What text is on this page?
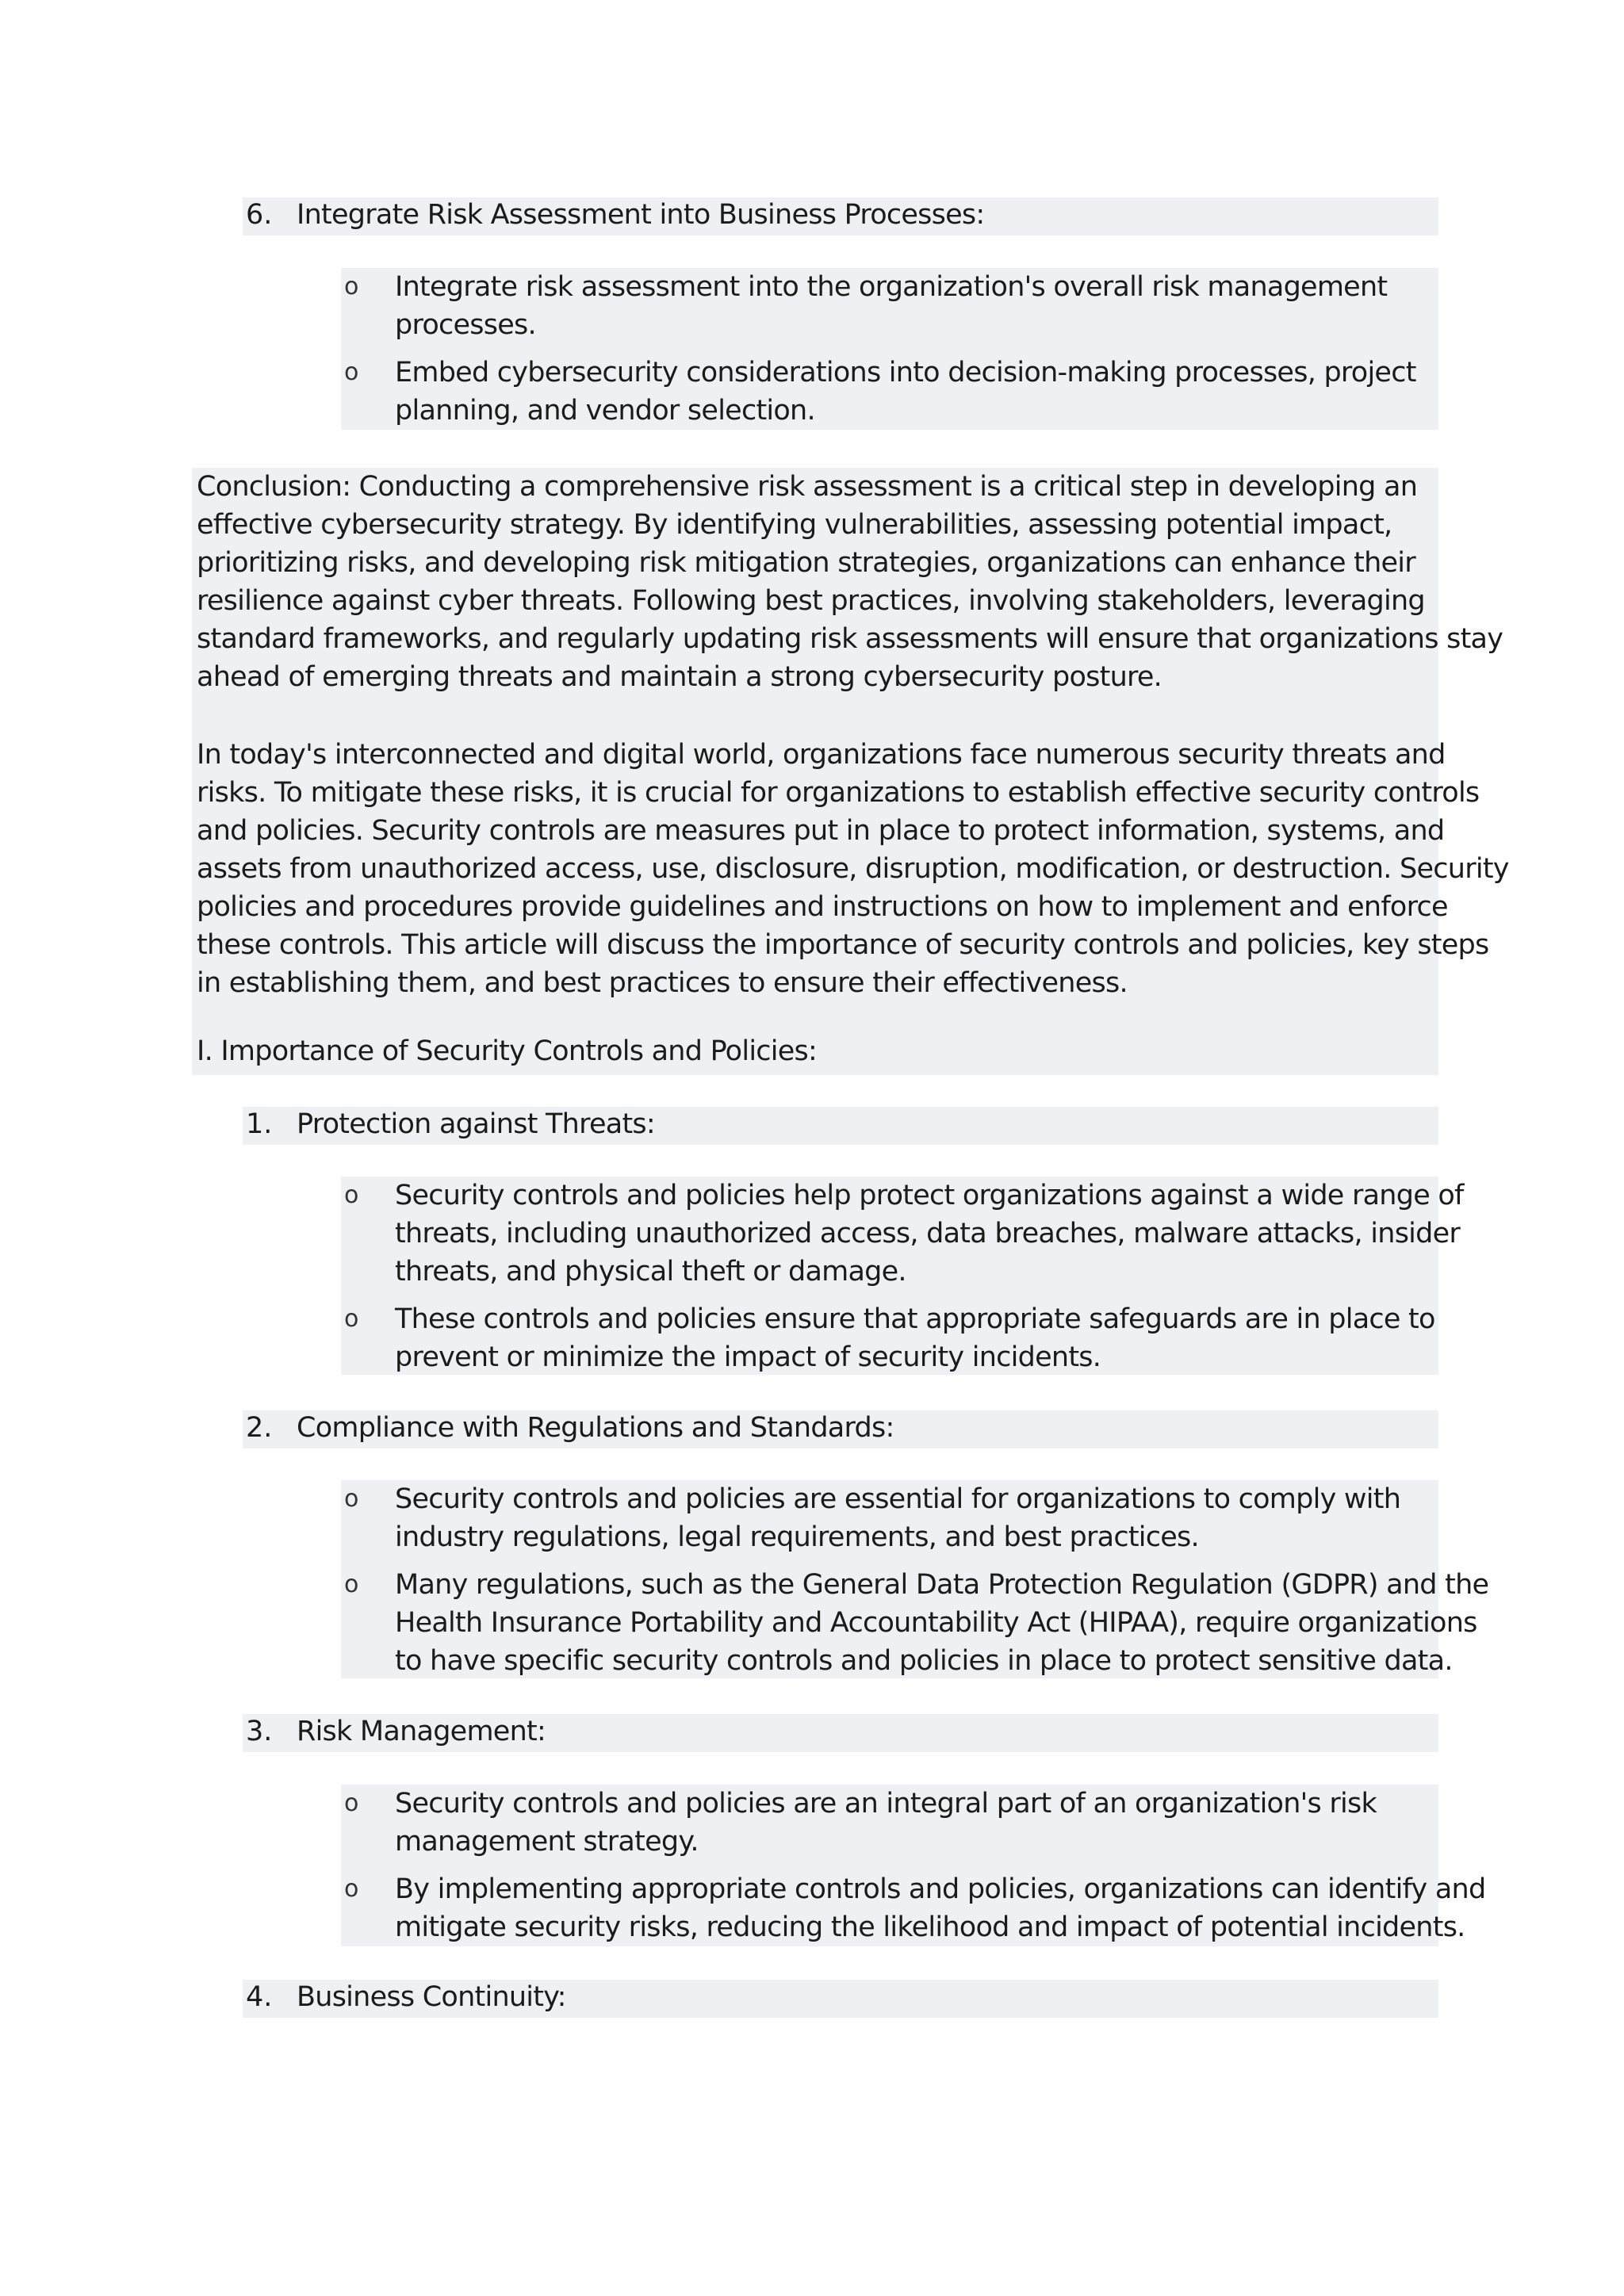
6. Integrate Risk Assessment into Business Processes:
o Integrate risk assessment into the organization's overall risk management
processes.
o Embed cybersecurity considerations into decision-making processes, project
planning, and vendor selection.
Conclusion: Conducting a comprehensive risk assessment is a critical step in developing an
effective cybersecurity strategy. By identifying vulnerabilities, assessing potential impact,
prioritizing risks, and developing risk mitigation strategies, organizations can enhance their
resilience against cyber threats. Following best practices, involving stakeholders, leveraging
standard frameworks, and regularly updating risk assessments will ensure that organizations stay
ahead of emerging threats and maintain a strong cybersecurity posture.
In today's interconnected and digital world, organizations face numerous security threats and
risks. To mitigate these risks, it is crucial for organizations to establish effective security controls
and policies. Security controls are measures put in place to protect information, systems, and
assets from unauthorized access, use, disclosure, disruption, modification, or destruction. Security
policies and procedures provide guidelines and instructions on how to implement and enforce
these controls. This article will discuss the importance of security controls and policies, key steps
in establishing them, and best practices to ensure their effectiveness.
I. Importance of Security Controls and Policies:
1. Protection against Threats:
o Security controls and policies help protect organizations against a wide range of
threats, including unauthorized access, data breaches, malware attacks, insider
threats, and physical theft or damage.
o These controls and policies ensure that appropriate safeguards are in place to
prevent or minimize the impact of security incidents.
2. Compliance with Regulations and Standards:
o Security controls and policies are essential for organizations to comply with
industry regulations, legal requirements, and best practices.
o Many regulations, such as the General Data Protection Regulation (GDPR) and the
Health Insurance Portability and Accountability Act (HIPAA), require organizations
to have specific security controls and policies in place to protect sensitive data.
3. Risk Management:
o Security controls and policies are an integral part of an organization's risk
management strategy.
o By implementing appropriate controls and policies, organizations can identify and
mitigate security risks, reducing the likelihood and impact of potential incidents.
4. Business Continuity:
